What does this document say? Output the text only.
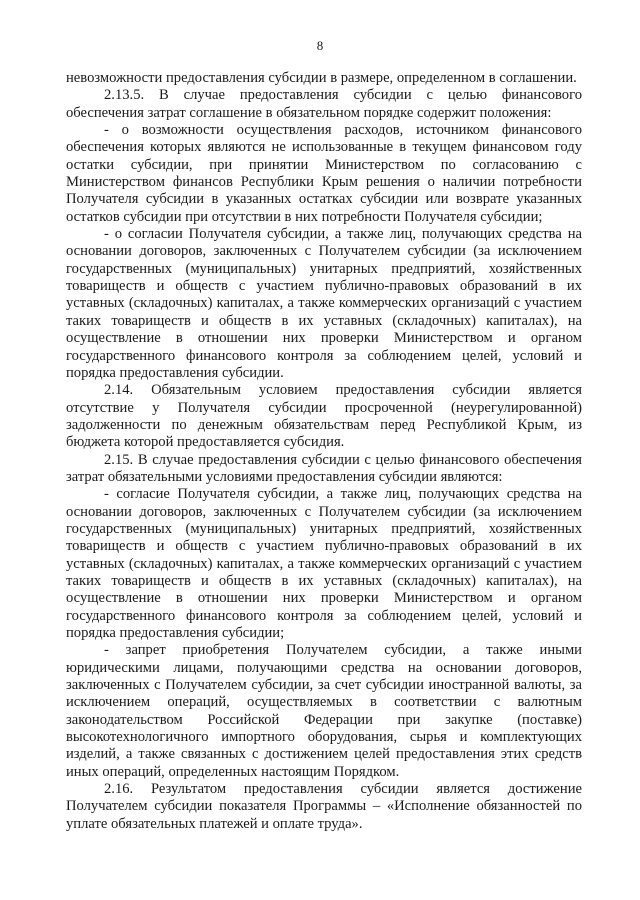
8

невозможности предоставления субсидии в размере, определенном в соглашении.

2.13.5. В случае предоставления субсидии с целью финансового обеспечения затрат соглашение в обязательном порядке содержит положения:

- о возможности осуществления расходов, источником финансового обеспечения которых являются не использованные в текущем финансовом году остатки субсидии, при принятии Министерством по согласованию с Министерством финансов Республики Крым решения о наличии потребности Получателя субсидии в указанных остатках субсидии или возврате указанных остатков субсидии при отсутствии в них потребности Получателя субсидии;

- о согласии Получателя субсидии, а также лиц, получающих средства на основании договоров, заключенных с Получателем субсидии (за исключением государственных (муниципальных) унитарных предприятий, хозяйственных товариществ и обществ с участием публично-правовых образований в их уставных (складочных) капиталах, а также коммерческих организаций с участием таких товариществ и обществ в их уставных (складочных) капиталах), на осуществление в отношении них проверки Министерством и органом государственного финансового контроля за соблюдением целей, условий и порядка предоставления субсидии.

2.14. Обязательным условием предоставления субсидии является отсутствие у Получателя субсидии просроченной (неурегулированной) задолженности по денежным обязательствам перед Республикой Крым, из бюджета которой предоставляется субсидия.

2.15. В случае предоставления субсидии с целью финансового обеспечения затрат обязательными условиями предоставления субсидии являются:

- согласие Получателя субсидии, а также лиц, получающих средства на основании договоров, заключенных с Получателем субсидии (за исключением государственных (муниципальных) унитарных предприятий, хозяйственных товариществ и обществ с участием публично-правовых образований в их уставных (складочных) капиталах, а также коммерческих организаций с участием таких товариществ и обществ в их уставных (складочных) капиталах), на осуществление в отношении них проверки Министерством и органом государственного финансового контроля за соблюдением целей, условий и порядка предоставления субсидии;

- запрет приобретения Получателем субсидии, а также иными юридическими лицами, получающими средства на основании договоров, заключенных с Получателем субсидии, за счет субсидии иностранной валюты, за исключением операций, осуществляемых в соответствии с валютным законодательством Российской Федерации при закупке (поставке) высокотехнологичного импортного оборудования, сырья и комплектующих изделий, а также связанных с достижением целей предоставления этих средств иных операций, определенных настоящим Порядком.

2.16. Результатом предоставления субсидии является достижение Получателем субсидии показателя Программы – «Исполнение обязанностей по уплате обязательных платежей и оплате труда».
